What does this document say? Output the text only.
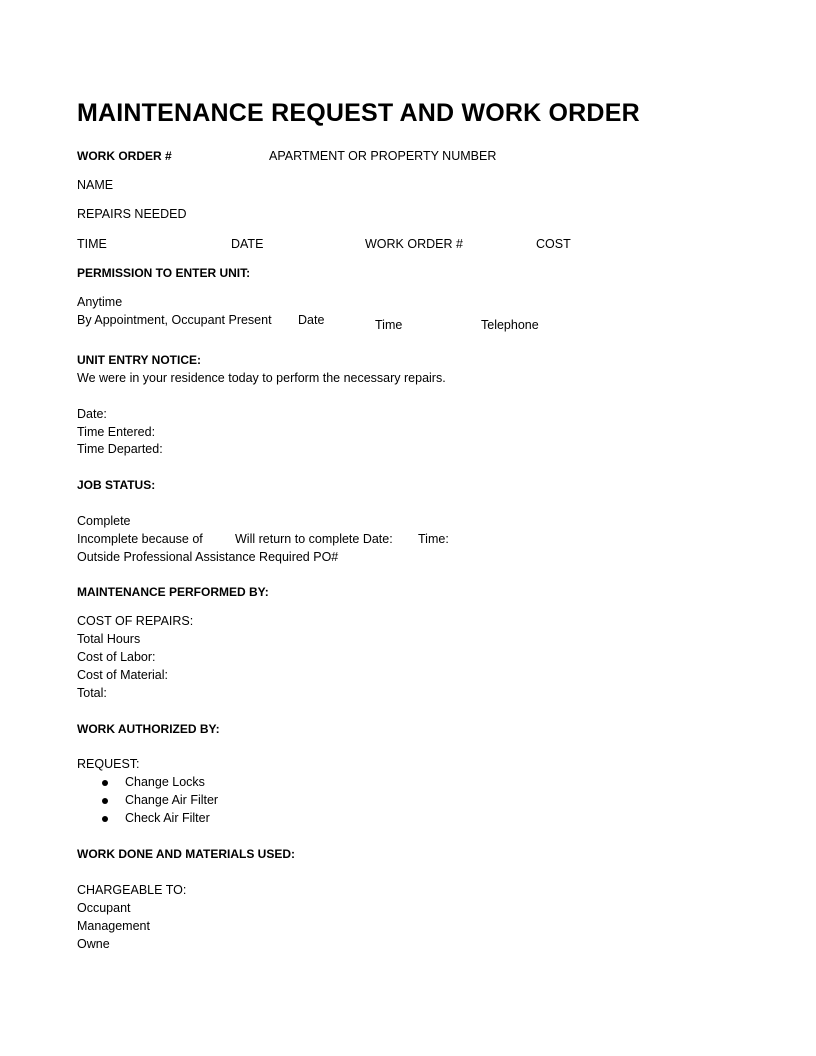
MAINTENANCE REQUEST AND WORK ORDER
WORK ORDER #	APARTMENT OR PROPERTY NUMBER
NAME
REPAIRS NEEDED
TIME	DATE	WORK ORDER #	COST
PERMISSION TO ENTER UNIT:
Anytime
By Appointment, Occupant Present Date	Time	Telephone
UNIT ENTRY NOTICE:
We were in your residence today to perform the necessary repairs.
Date:
Time Entered:
Time Departed:
JOB STATUS:
Complete
Incomplete because of	Will return to complete Date: Time:
Outside Professional Assistance Required PO#
MAINTENANCE PERFORMED BY:
COST OF REPAIRS:
Total Hours
Cost of Labor:
Cost of Material:
Total:
WORK AUTHORIZED BY:
REQUEST:
Change Locks
Change Air Filter
Check Air Filter
WORK DONE AND MATERIALS USED:
CHARGEABLE TO:
Occupant
Management
Owne
